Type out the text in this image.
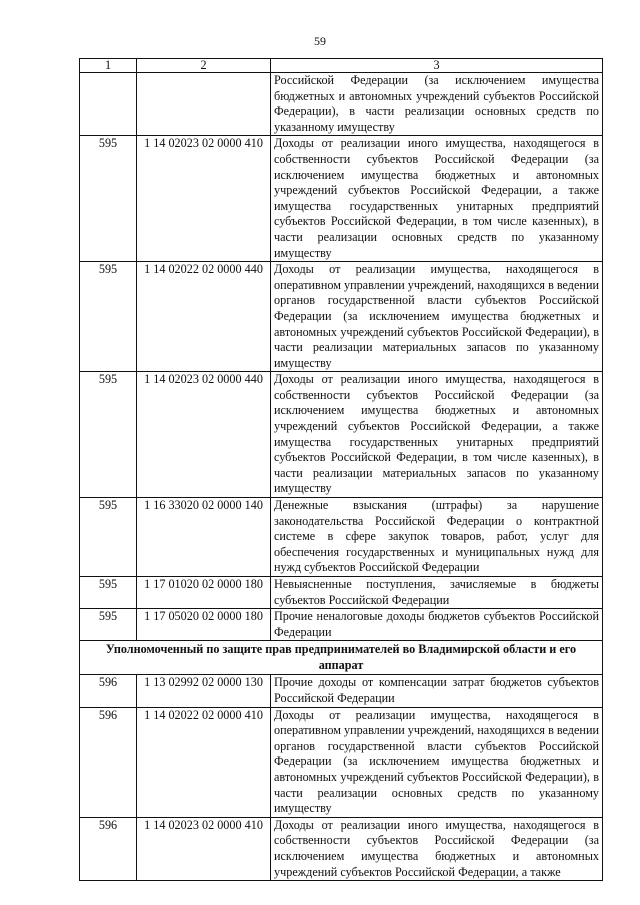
59
1	2	3
		Российской Федерации (за исключением имущества бюджетных и автономных учреждений субъектов Российской Федерации), в части реализации основных средств по указанному имуществу
595	1 14 02023 02 0000 410	Доходы от реализации иного имущества, находящегося в собственности субъектов Российской Федерации (за исключением имущества бюджетных и автономных учреждений субъектов Российской Федерации, а также имущества государственных унитарных предприятий субъектов Российской Федерации, в том числе казенных), в части реализации основных средств по указанному имуществу
595	1 14 02022 02 0000 440	Доходы от реализации имущества, находящегося в оперативном управлении учреждений, находящихся в ведении органов государственной власти субъектов Российской Федерации (за исключением имущества бюджетных и автономных учреждений субъектов Российской Федерации), в части реализации материальных запасов по указанному имуществу
595	1 14 02023 02 0000 440	Доходы от реализации иного имущества, находящегося в собственности субъектов Российской Федерации (за исключением имущества бюджетных и автономных учреждений субъектов Российской Федерации, а также имущества государственных унитарных предприятий субъектов Российской Федерации, в том числе казенных), в части реализации материальных запасов по указанному имуществу
595	1 16 33020 02 0000 140	Денежные взыскания (штрафы) за нарушение законодательства Российской Федерации о контрактной системе в сфере закупок товаров, работ, услуг для обеспечения государственных и муниципальных нужд для нужд субъектов Российской Федерации
595	1 17 01020 02 0000 180	Невыясненные поступления, зачисляемые в бюджеты субъектов Российской Федерации
595	1 17 05020 02 0000 180	Прочие неналоговые доходы бюджетов субъектов Российской Федерации
Уполномоченный по защите прав предпринимателей во Владимирской области и его аппарат		
596	1 13 02992 02 0000 130	Прочие доходы от компенсации затрат бюджетов субъектов Российской Федерации
596	1 14 02022 02 0000 410	Доходы от реализации имущества, находящегося в оперативном управлении учреждений, находящихся в ведении органов государственной власти субъектов Российской Федерации (за исключением имущества бюджетных и автономных учреждений субъектов Российской Федерации), в части реализации основных средств по указанному имуществу
596	1 14 02023 02 0000 410	Доходы от реализации иного имущества, находящегося в собственности субъектов Российской Федерации (за исключением имущества бюджетных и автономных учреждений субъектов Российской Федерации, а также
